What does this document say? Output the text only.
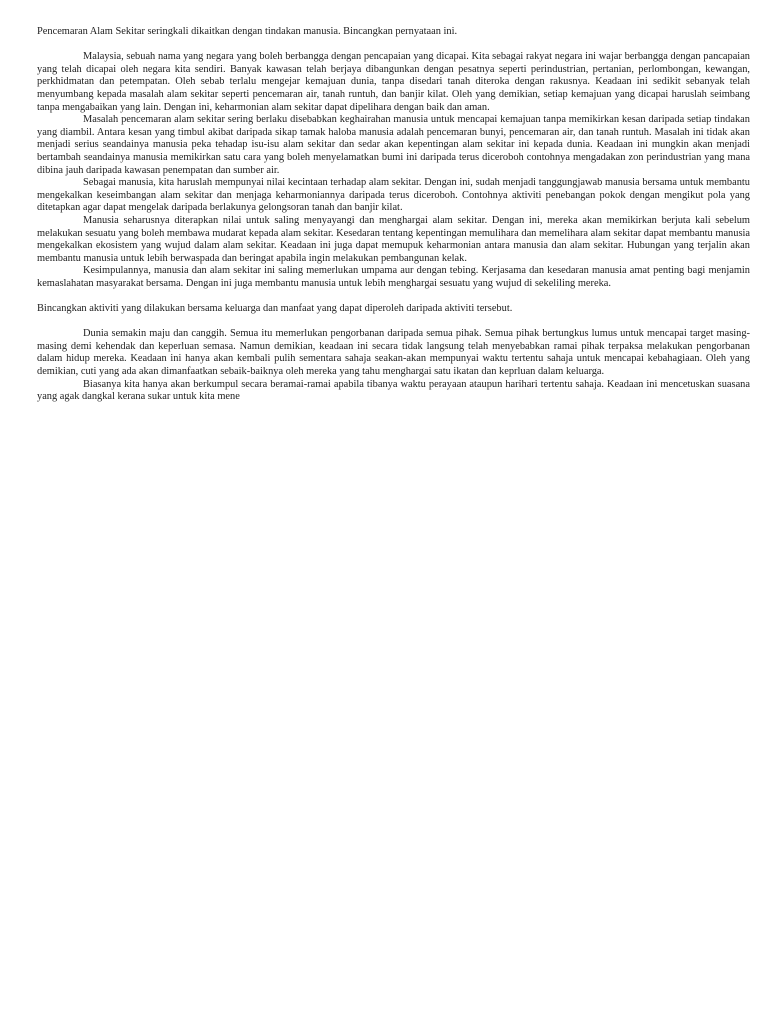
Pencemaran Alam Sekitar seringkali dikaitkan dengan tindakan manusia. Bincangkan pernyataan ini.

Malaysia, sebuah nama yang negara yang boleh berbangga dengan pencapaian yang dicapai. Kita sebagai rakyat negara ini wajar berbangga dengan pancapaian yang telah dicapai oleh negara kita sendiri. Banyak kawasan telah berjaya dibangunkan dengan pesatnya seperti perindustrian, pertanian, perlombongan, kewangan, perkhidmatan dan petempatan. Oleh sebab terlalu mengejar kemajuan dunia, tanpa disedari tanah diteroka dengan rakusnya. Keadaan ini sedikit sebanyak telah menyumbang kepada masalah alam sekitar seperti pencemaran air, tanah runtuh, dan banjir kilat. Oleh yang demikian, setiap kemajuan yang dicapai haruslah seimbang tanpa mengabaikan yang lain. Dengan ini, keharmonian alam sekitar dapat dipelihara dengan baik dan aman.

Masalah pencemaran alam sekitar sering berlaku disebabkan keghairahan manusia untuk mencapai kemajuan tanpa memikirkan kesan daripada setiap tindakan yang diambil. Antara kesan yang timbul akibat daripada sikap tamak haloba manusia adalah pencemaran bunyi, pencemaran air, dan tanah runtuh. Masalah ini tidak akan menjadi serius seandainya manusia peka tehadap isu-isu alam sekitar dan sedar akan kepentingan alam sekitar ini kepada dunia. Keadaan ini mungkin akan menjadi bertambah seandainya manusia memikirkan satu cara yang boleh menyelamatkan bumi ini daripada terus diceroboh contohnya mengadakan zon perindustrian yang mana dibina jauh daripada kawasan penempatan dan sumber air.

Sebagai manusia, kita haruslah mempunyai nilai kecintaan terhadap alam sekitar. Dengan ini, sudah menjadi tanggungjawab manusia bersama untuk membantu mengekalkan keseimbangan alam sekitar dan menjaga keharmoniannya daripada terus diceroboh. Contohnya aktiviti penebangan pokok dengan mengikut pola yang ditetapkan agar dapat mengelak daripada berlakunya gelongsoran tanah dan banjir kilat.

Manusia seharusnya diterapkan nilai untuk saling menyayangi dan menghargai alam sekitar. Dengan ini, mereka akan memikirkan berjuta kali sebelum melakukan sesuatu yang boleh membawa mudarat kepada alam sekitar. Kesedaran tentang kepentingan memulihara dan memelihara alam sekitar dapat membantu manusia mengekalkan ekosistem yang wujud dalam alam sekitar. Keadaan ini juga dapat memupuk keharmonian antara manusia dan alam sekitar. Hubungan yang terjalin akan membantu manusia untuk lebih berwaspada dan beringat apabila ingin melakukan pembangunan kelak.

Kesimpulannya, manusia dan alam sekitar ini saling memerlukan umpama aur dengan tebing. Kerjasama dan kesedaran manusia amat penting bagi menjamin kemaslahatan masyarakat bersama. Dengan ini juga membantu manusia untuk lebih menghargai sesuatu yang wujud di sekeliling mereka.

Bincangkan aktiviti yang dilakukan bersama keluarga dan manfaat yang dapat diperoleh daripada aktiviti tersebut.

Dunia semakin maju dan canggih. Semua itu memerlukan pengorbanan daripada semua pihak. Semua pihak bertungkus lumus untuk mencapai target masing-masing demi kehendak dan keperluan semasa. Namun demikian, keadaan ini secara tidak langsung telah menyebabkan ramai pihak terpaksa melakukan pengorbanan dalam hidup mereka. Keadaan ini hanya akan kembali pulih sementara sahaja seakan-akan mempunyai waktu tertentu sahaja untuk mencapai kebahagiaan. Oleh yang demikian, cuti yang ada akan dimanfaatkan sebaik-baiknya oleh mereka yang tahu menghargai satu ikatan dan keprluan dalam keluarga.

Biasanya kita hanya akan berkumpul secara beramai-ramai apabila tibanya waktu perayaan ataupun harihari tertentu sahaja. Keadaan ini mencetuskan suasana yang agak dangkal kerana sukar untuk kita mene
